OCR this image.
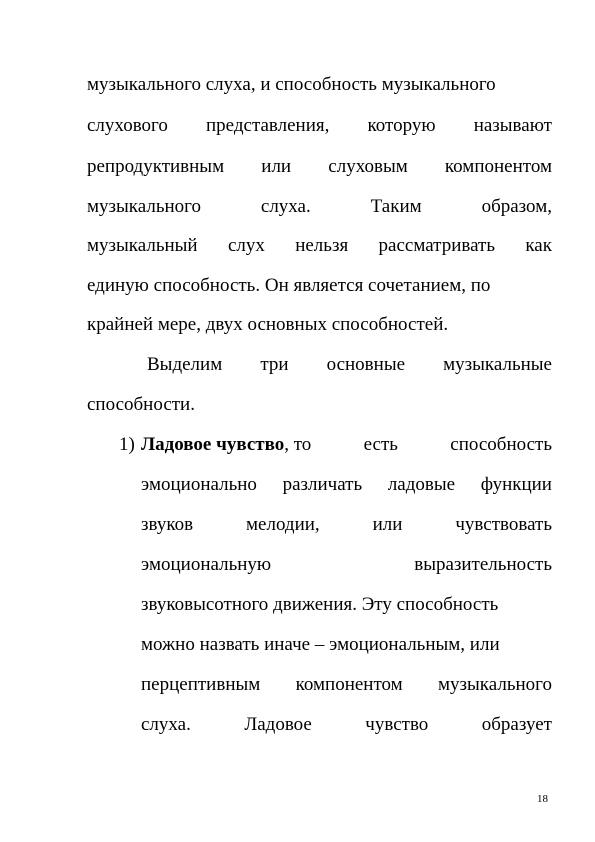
музыкального слуха, и способность музыкального
слухового представления, которую называют
репродуктивным или слуховым компонентом
музыкального	слуха.	Таким	образом,
музыкальный слух нельзя рассматривать как
единую способность. Он является сочетанием, по
крайней мере, двух основных способностей.
Выделим три основные музыкальные
способности.
1) Ладовое чувство, то	есть	способность
эмоционально различать ладовые функции
звуков	мелодии,	или	чувствовать
эмоциональную	выразительность
звуковысотного движения. Эту способность
можно назвать иначе – эмоциональным, или
перцептивным компонентом музыкального
слуха.	Ладовое	чувство	образует
18
